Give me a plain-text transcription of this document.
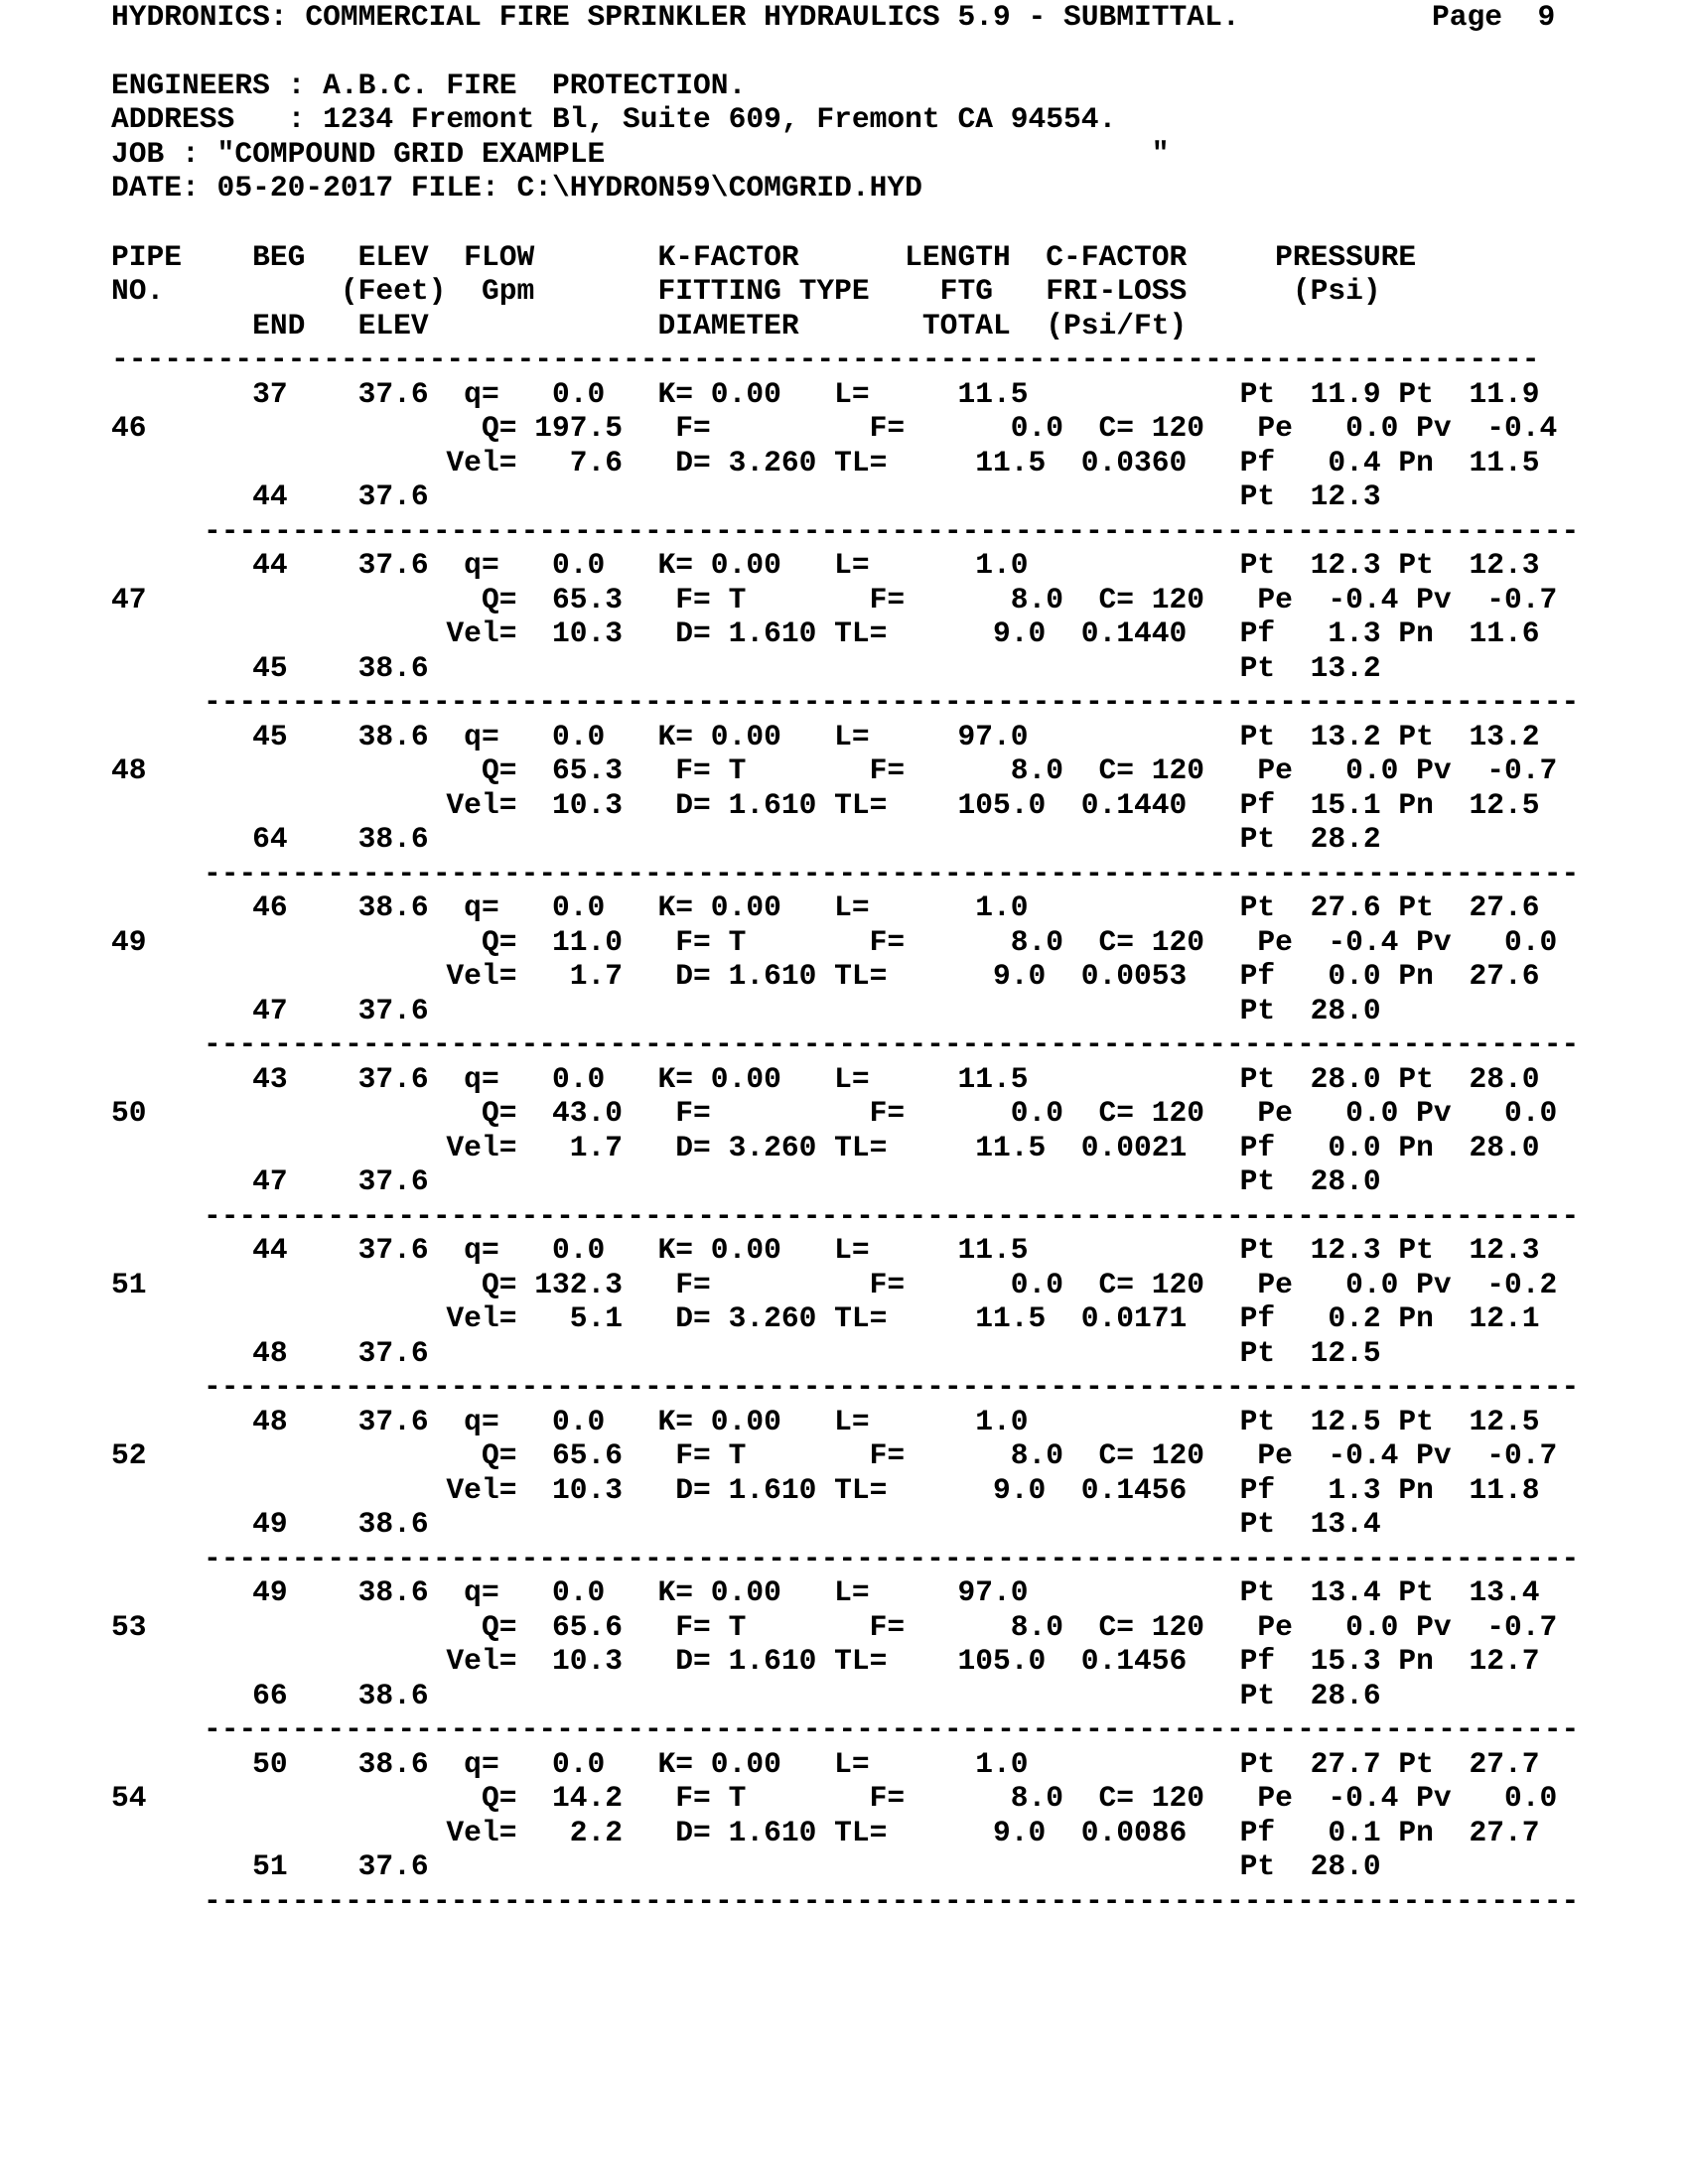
HYDRONICS: COMMERCIAL FIRE SPRINKLER HYDRAULICS 5.9 - SUBMITTAL.	Page  9
ENGINEERS : A.B.C. FIRE  PROTECTION.
ADDRESS   : 1234 Fremont Bl, Suite 609, Fremont CA 94554.
JOB : "COMPOUND GRID EXAMPLE                               "
DATE: 05-20-2017 FILE: C:\HYDRON59\COMGRID.HYD
PIPE    BEG   ELEV  FLOW       K-FACTOR      LENGTH  C-FACTOR     PRESSURE
NO.          (Feet)  Gpm       FITTING TYPE    FTG   FRI-LOSS      (Psi)
END   ELEV             DIAMETER       TOTAL  (Psi/Ft)
---------------------------------------------------------------------------------
37    37.6  q=   0.0   K= 0.00   L=     11.5            Pt  11.9 Pt  11.9
46                   Q= 197.5   F=         F=      0.0  C= 120   Pe   0.0 Pv  -0.4
Vel=   7.6   D= 3.260 TL=     11.5  0.0360   Pf   0.4 Pn  11.5
44    37.6                                              Pt  12.3
------------------------------------------------------------------------------
44    37.6  q=   0.0   K= 0.00   L=      1.0            Pt  12.3 Pt  12.3
47                   Q=  65.3   F= T       F=      8.0  C= 120   Pe  -0.4 Pv  -0.7
Vel=  10.3   D= 1.610 TL=      9.0  0.1440   Pf   1.3 Pn  11.6
45    38.6                                              Pt  13.2
------------------------------------------------------------------------------
45    38.6  q=   0.0   K= 0.00   L=     97.0            Pt  13.2 Pt  13.2
48                   Q=  65.3   F= T       F=      8.0  C= 120   Pe   0.0 Pv  -0.7
Vel=  10.3   D= 1.610 TL=    105.0  0.1440   Pf  15.1 Pn  12.5
64    38.6                                              Pt  28.2
------------------------------------------------------------------------------
46    38.6  q=   0.0   K= 0.00   L=      1.0            Pt  27.6 Pt  27.6
49                   Q=  11.0   F= T       F=      8.0  C= 120   Pe  -0.4 Pv   0.0
Vel=   1.7   D= 1.610 TL=      9.0  0.0053   Pf   0.0 Pn  27.6
47    37.6                                              Pt  28.0
------------------------------------------------------------------------------
43    37.6  q=   0.0   K= 0.00   L=     11.5            Pt  28.0 Pt  28.0
50                   Q=  43.0   F=         F=      0.0  C= 120   Pe   0.0 Pv   0.0
Vel=   1.7   D= 3.260 TL=     11.5  0.0021   Pf   0.0 Pn  28.0
47    37.6                                              Pt  28.0
------------------------------------------------------------------------------
44    37.6  q=   0.0   K= 0.00   L=     11.5            Pt  12.3 Pt  12.3
51                   Q= 132.3   F=         F=      0.0  C= 120   Pe   0.0 Pv  -0.2
Vel=   5.1   D= 3.260 TL=     11.5  0.0171   Pf   0.2 Pn  12.1
48    37.6                                              Pt  12.5
------------------------------------------------------------------------------
48    37.6  q=   0.0   K= 0.00   L=      1.0            Pt  12.5 Pt  12.5
52                   Q=  65.6   F= T       F=      8.0  C= 120   Pe  -0.4 Pv  -0.7
Vel=  10.3   D= 1.610 TL=      9.0  0.1456   Pf   1.3 Pn  11.8
49    38.6                                              Pt  13.4
------------------------------------------------------------------------------
49    38.6  q=   0.0   K= 0.00   L=     97.0            Pt  13.4 Pt  13.4
53                   Q=  65.6   F= T       F=      8.0  C= 120   Pe   0.0 Pv  -0.7
Vel=  10.3   D= 1.610 TL=    105.0  0.1456   Pf  15.3 Pn  12.7
66    38.6                                              Pt  28.6
------------------------------------------------------------------------------
50    38.6  q=   0.0   K= 0.00   L=      1.0            Pt  27.7 Pt  27.7
54                   Q=  14.2   F= T       F=      8.0  C= 120   Pe  -0.4 Pv   0.0
Vel=   2.2   D= 1.610 TL=      9.0  0.0086   Pf   0.1 Pn  27.7
51    37.6                                              Pt  28.0
------------------------------------------------------------------------------
